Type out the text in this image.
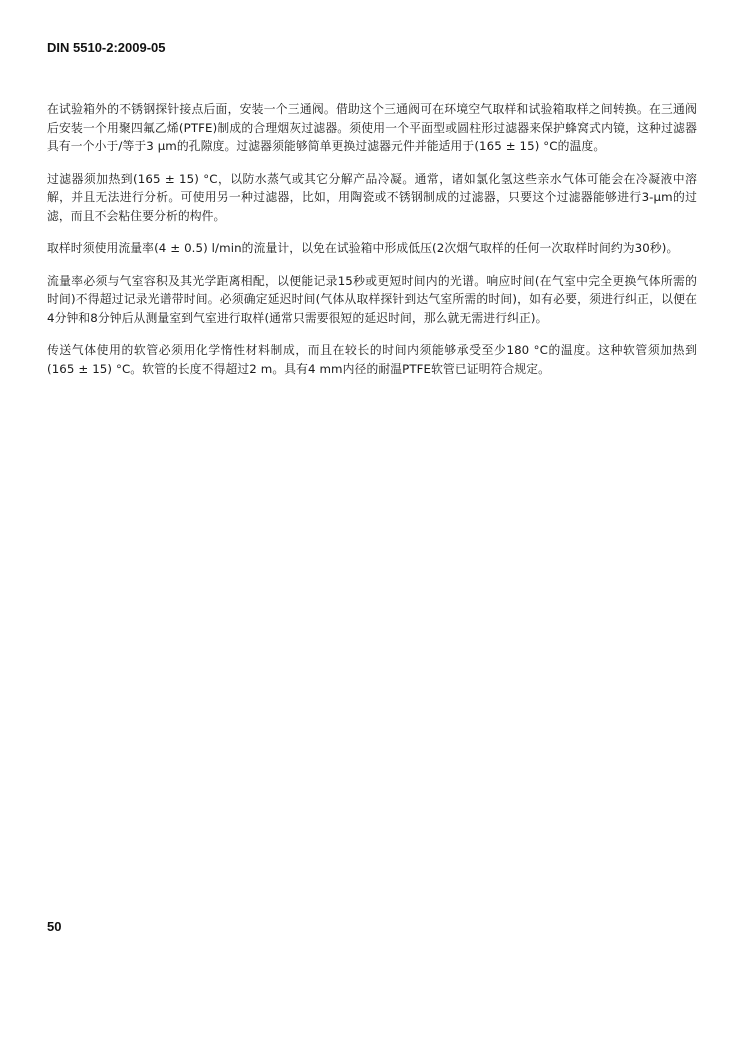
DIN 5510-2:2009-05

在试验箱外的不锈钢探针接点后面，安装一个三通阀。借助这个三通阀可在环境空气取样和试验箱取样之间转换。在三通阀后安装一个用聚四氟乙烯(PTFE)制成的合理烟灰过滤器。须使用一个平面型或圆柱形过滤器来保护蜂窝式内镜，这种过滤器具有一个小于/等于3 μm的孔隙度。过滤器须能够简单更换过滤器元件并能适用于(165 ± 15) °C的温度。

过滤器须加热到(165 ± 15) °C，以防水蒸气或其它分解产品冷凝。通常，诸如氯化氢这些亲水气体可能会在冷凝液中溶解，并且无法进行分析。可使用另一种过滤器，比如，用陶瓷或不锈钢制成的过滤器，只要这个过滤器能够进行3-μm的过滤，而且不会粘住要分析的构件。

取样时须使用流量率(4 ± 0.5) l/min的流量计，以免在试验箱中形成低压(2次烟气取样的任何一次取样时间约为30秒)。

流量率必须与气室容积及其光学距离相配，以便能记录15秒或更短时间内的光谱。响应时间(在气室中完全更换气体所需的时间)不得超过记录光谱带时间。必须确定延迟时间(气体从取样探针到达气室所需的时间)，如有必要，须进行纠正，以便在4分钟和8分钟后从测量室到气室进行取样(通常只需要很短的延迟时间，那么就无需进行纠正)。

传送气体使用的软管必须用化学惰性材料制成，而且在较长的时间内须能够承受至少180 °C的温度。这种软管须加热到(165 ± 15) °C。软管的长度不得超过2 m。具有4 mm内径的耐温PTFE软管已证明符合规定。

50
